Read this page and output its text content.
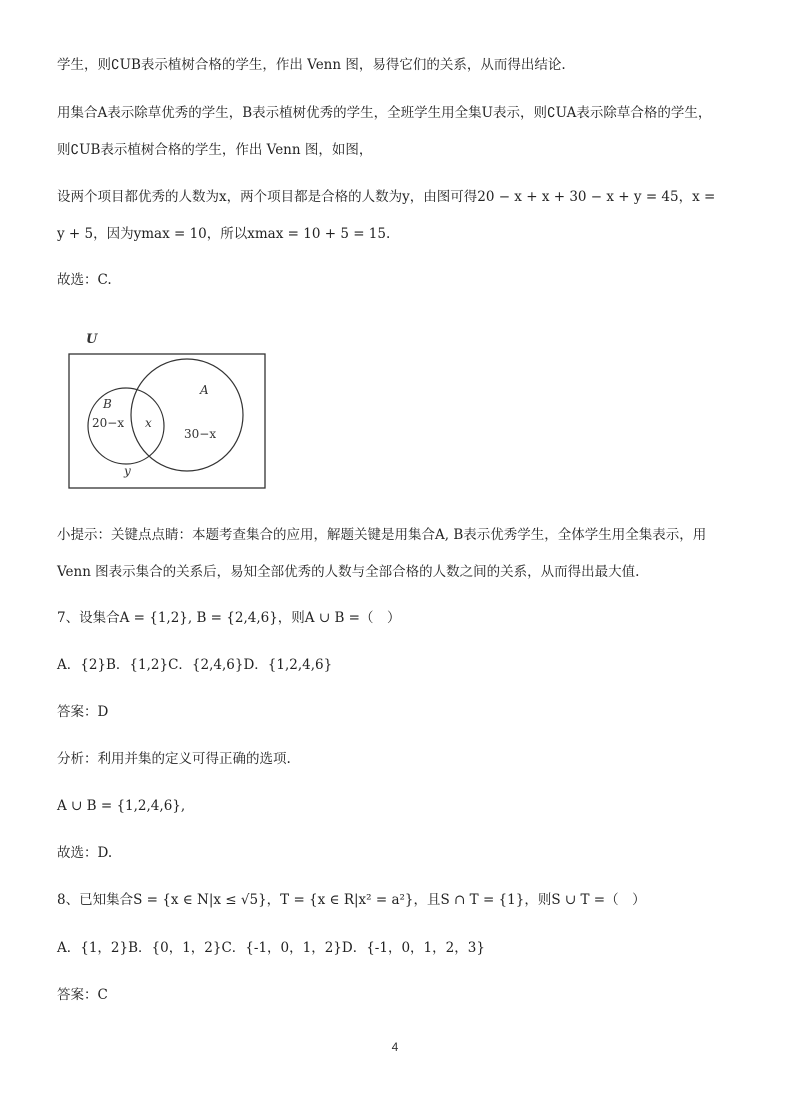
学生，则∁UB表示植树合格的学生，作出 Venn 图，易得它们的关系，从而得出结论.
用集合A表示除草优秀的学生，B表示植树优秀的学生，全班学生用全集U表示，则∁UA表示除草合格的学生，
则∁UB表示植树合格的学生，作出 Venn 图，如图，
设两个项目都优秀的人数为x，两个项目都是合格的人数为y，由图可得20 − x + x + 30 − x + y = 45，x =
y + 5，因为ymax = 10，所以xmax = 10 + 5 = 15.
故选：C.
U
A
B
20−x x
30−x
y
小提示：关键点点睛：本题考查集合的应用，解题关键是用集合A, B表示优秀学生，全体学生用全集表示，用
Venn 图表示集合的关系后，易知全部优秀的人数与全部合格的人数之间的关系，从而得出最大值.
7、设集合A = {1,2}, B = {2,4,6}，则A ∪ B =（　）
A．{2}B．{1,2}C．{2,4,6}D．{1,2,4,6}
答案：D
分析：利用并集的定义可得正确的选项.
A ∪ B = {1,2,4,6},
故选：D.
8、已知集合S = {x ∈ N|x ≤ √5}，T = {x ∈ R|x² = a²}，且S ∩ T = {1}，则S ∪ T =（　）
A．{1，2}B．{0，1，2}C．{-1，0，1，2}D．{-1，0，1，2，3}
答案：C
4
